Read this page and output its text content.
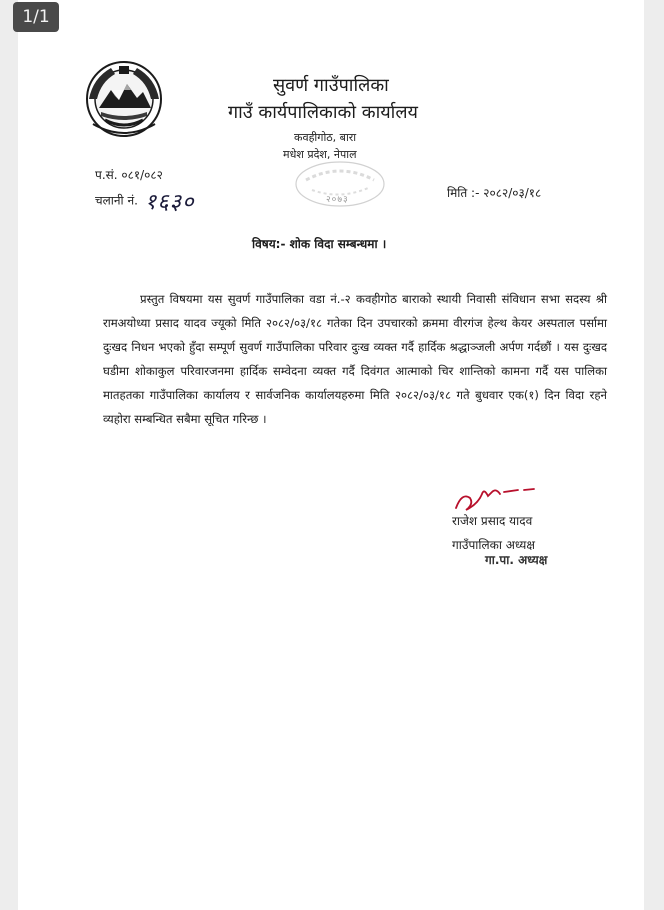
1/1
सुवर्ण गाउँपालिका
गाउँ कार्यपालिकाको कार्यालय
कवहीगोठ, बारा
मधेश प्रदेश, नेपाल
२०७३
प.सं. ०८१/०८२
चलानी नं. १६३०	मिति :- २०८२/०३/१८
विषय:- शोक विदा सम्बन्धमा ।

प्रस्तुत विषयमा यस सुवर्ण गाउँपालिका वडा नं.-२ कवहीगोठ बाराको स्थायी निवासी संविधान सभा सदस्य श्री रामअयोध्या प्रसाद यादव ज्यूको मिति २०८२/०३/१८ गतेका दिन उपचारको क्रममा वीरगंज हेल्थ केयर अस्पताल पर्सामा दुःखद निधन भएको हुँदा सम्पूर्ण सुवर्ण गाउँपालिका परिवार दुःख व्यक्त गर्दै हार्दिक श्रद्धाञ्जली अर्पण गर्दछौं । यस दुःखद घडीमा शोकाकुल परिवारजनमा हार्दिक सम्वेदना व्यक्त गर्दै दिवंगत आत्माको चिर शान्तिको कामना गर्दै यस पालिका मातहतका गाउँपालिका कार्यालय र सार्वजनिक कार्यालयहरुमा मिति २०८२/०३/१८ गते बुधवार एक(१) दिन विदा रहने व्यहोरा सम्बन्धित सबैमा सूचित गरिन्छ ।

राजेश प्रसाद यादव
गाउँपालिका अध्यक्ष
गा.पा. अध्यक्ष
